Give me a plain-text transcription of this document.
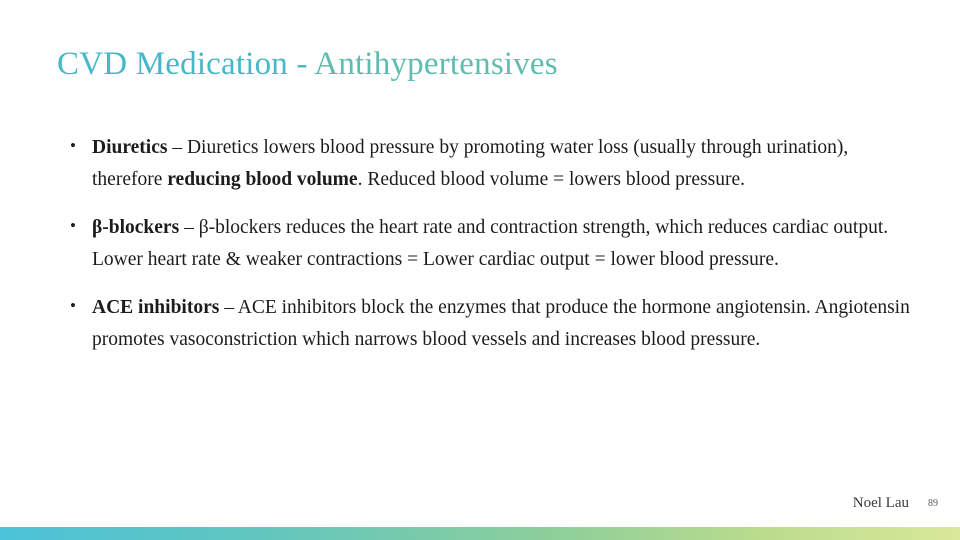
CVD Medication - Antihypertensives
• Diuretics – Diuretics lowers blood pressure by promoting water loss (usually through urination), therefore reducing blood volume. Reduced blood volume = lowers blood pressure.
• β-blockers – β-blockers reduces the heart rate and contraction strength, which reduces cardiac output. Lower heart rate & weaker contractions = Lower cardiac output = lower blood pressure.
• ACE inhibitors – ACE inhibitors block the enzymes that produce the hormone angiotensin. Angiotensin promotes vasoconstriction which narrows blood vessels and increases blood pressure.
Noel Lau 89
